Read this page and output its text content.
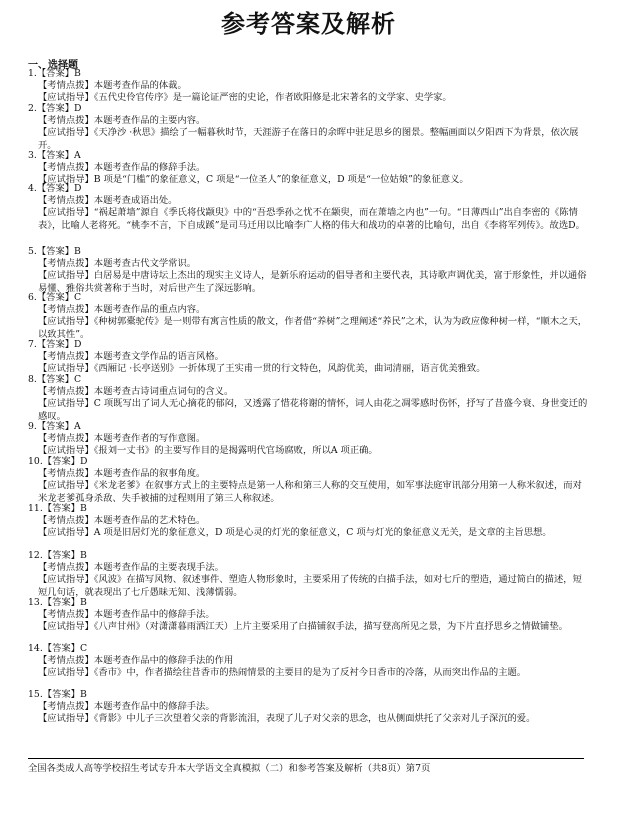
参考答案及解析
一、选择题
1.【答案】B
【考情点拨】本题考查作品的体裁。
【应试指导】《五代史伶官传序》是一篇论证严密的史论，作者欧阳修是北宋著名的文学家、史学家。
2.【答案】D
【考情点拨】本题考查作品的主要内容。
【应试指导】《天净沙 ·秋思》描绘了一幅暮秋时节，天涯游子在落日的余晖中驻足思乡的图景。整幅画面以夕阳西下为背景，依次展开。
3.【答案】A
【考情点拨】本题考查作品的修辞手法。
【应试指导】B 项是“门槛”的象征意义，C 项是“一位圣人”的象征意义，D 项是“一位姑娘”的象征意义。
4.【答案】D
【考情点拨】本题考查成语出处。
【应试指导】“祸起萧墙”源自《季氏将伐颛臾》中的“吾恐季孙之忧不在颛臾，而在萧墙之内也”一句。“日薄西山”出自李密的《陈情表》，比喻人老将死。“桃李不言，下自成蹊”是司马迁用以比喻李广人格的伟大和战功的卓著的比喻句，出自《李将军列传》。故选D。
5.【答案】B
【考情点拨】本题考查古代文学常识。
【应试指导】白居易是中唐诗坛上杰出的现实主义诗人，是新乐府运动的倡导者和主要代表，其诗歌声调优美，富于形象性，并以通俗易懂、雅俗共赏著称于当时，对后世产生了深远影响。
6.【答案】C
【考情点拨】本题考查作品的重点内容。
【应试指导】《种树郭橐驼传》是一则带有寓言性质的散文，作者借“养树”之理阐述“养民”之术，认为为政应像种树一样，“顺木之天，以致其性”。
7.【答案】D
【考情点拨】本题考查文学作品的语言风格。
【应试指导】《西厢记 ·长亭送别》一折体现了王实甫一贯的行文特色，风韵优美，曲词清丽，语言优美雅致。
8.【答案】C
【考情点拨】本题考查古诗词重点词句的含义。
【应试指导】C 项既写出了词人无心摘花的郁闷，又透露了惜花将谢的情怀，词人由花之凋零感时伤怀，抒写了昔盛今衰、身世变迁的感叹。
9.【答案】A
【考情点拨】本题考查作者的写作意图。
【应试指导】《报刘一丈书》的主要写作目的是揭露明代官场腐败，所以A 项正确。
10.【答案】D
【考情点拨】本题考查作品的叙事角度。
【应试指导】《米龙老爹》在叙事方式上的主要特点是第一人称和第三人称的交互使用，如军事法庭审讯部分用第一人称米叙述，而对米龙老爹孤身杀敌、失手被捕的过程则用了第三人称叙述。
11.【答案】B
【考情点拨】本题考查作品的艺术特色。
【应试指导】A 项是旧居灯光的象征意义，D 项是心灵的灯光的象征意义，C 项与灯光的象征意义无关，是文章的主旨思想。
12.【答案】B
【考情点拨】本题考查作品的主要表现手法。
【应试指导】《风波》在描写风物、叙述事件、塑造人物形象时，主要采用了传统的白描手法，如对七斤的塑造，通过简白的描述，短短几句话，就表现出了七斤愚昧无知、浅薄懦弱。
13.【答案】B
【考情点拨】本题考查作品中的修辞手法。
【应试指导】《八声甘州》（对潇潇暮雨洒江天）上片主要采用了白描铺叙手法，描写登高所见之景，为下片直抒思乡之情做铺垫。
14.【答案】C
【考情点拨】本题考查作品中的修辞手法的作用
【应试指导】《香市》中，作者描绘往昔香市的热闹情景的主要目的是为了反衬今日香市的冷落，从而突出作品的主题。
15.【答案】B
【考情点拨】本题考查作品中的修辞手法。
【应试指导】《背影》中儿子三次望着父亲的背影流泪，表现了儿子对父亲的思念，也从侧面烘托了父亲对儿子深沉的爱。
全国各类成人高等学校招生考试专升本大学语文全真模拟（二）和参考答案及解析（共8页）第7页
